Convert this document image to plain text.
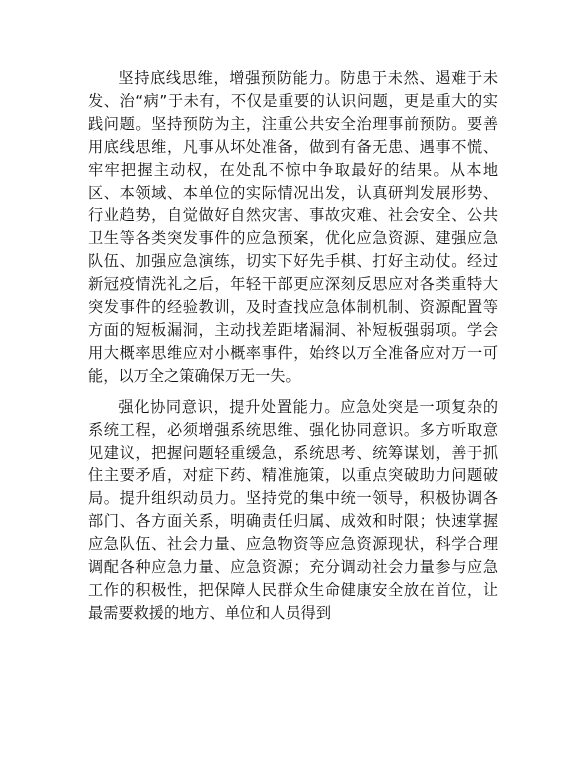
坚持底线思维，增强预防能力。防患于未然、遏难于未发、治“病”于未有，不仅是重要的认识问题，更是重大的实践问题。坚持预防为主，注重公共安全治理事前预防。要善用底线思维，凡事从坏处准备，做到有备无患、遇事不慌、牢牢把握主动权，在处乱不惊中争取最好的结果。从本地区、本领域、本单位的实际情况出发，认真研判发展形势、行业趋势，自觉做好自然灾害、事故灾难、社会安全、公共卫生等各类突发事件的应急预案，优化应急资源、建强应急队伍、加强应急演练，切实下好先手棋、打好主动仗。经过新冠疫情洗礼之后，年轻干部更应深刻反思应对各类重特大突发事件的经验教训，及时查找应急体制机制、资源配置等方面的短板漏洞，主动找差距堵漏洞、补短板强弱项。学会用大概率思维应对小概率事件，始终以万全准备应对万一可能，以万全之策确保万无一失。

强化协同意识，提升处置能力。应急处突是一项复杂的系统工程，必须增强系统思维、强化协同意识。多方听取意见建议，把握问题轻重缓急，系统思考、统筹谋划，善于抓住主要矛盾，对症下药、精准施策，以重点突破助力问题破局。提升组织动员力。坚持党的集中统一领导，积极协调各部门、各方面关系，明确责任归属、成效和时限；快速掌握应急队伍、社会力量、应急物资等应急资源现状，科学合理调配各种应急力量、应急资源；充分调动社会力量参与应急工作的积极性，把保障人民群众生命健康安全放在首位，让最需要救援的地方、单位和人员得到
